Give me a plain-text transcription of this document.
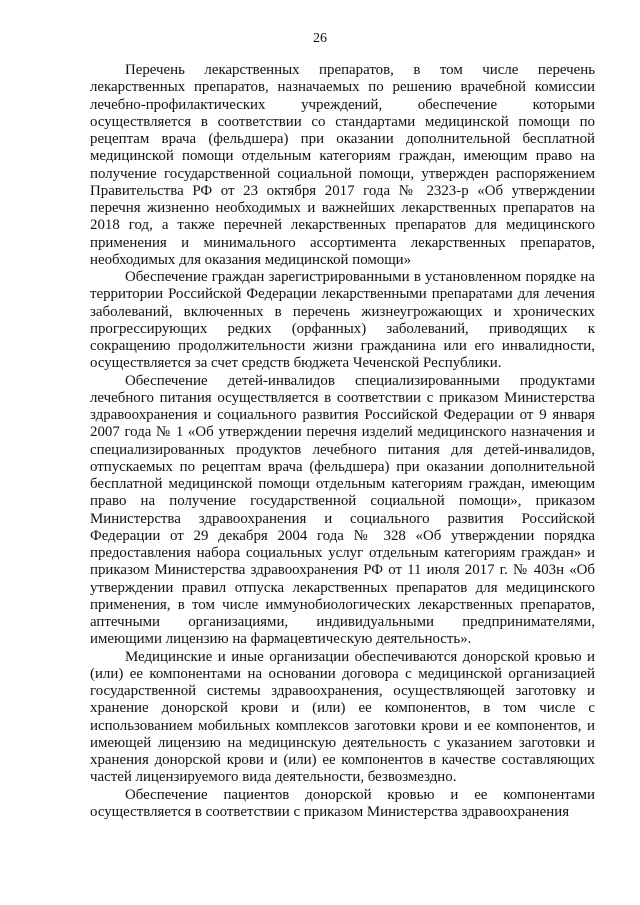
26

Перечень лекарственных препаратов, в том числе перечень лекарственных препаратов, назначаемых по решению врачебной комиссии лечебно-профилактических учреждений, обеспечение которыми осуществляется в соответствии со стандартами медицинской помощи по рецептам врача (фельдшера) при оказании дополнительной бесплатной медицинской помощи отдельным категориям граждан, имеющим право на получение государственной социальной помощи, утвержден распоряжением Правительства РФ от 23 октября 2017 года № 2323-р «Об утверждении перечня жизненно необходимых и важнейших лекарственных препаратов на 2018 год, а также перечней лекарственных препаратов для медицинского применения и минимального ассортимента лекарственных препаратов, необходимых для оказания медицинской помощи»

Обеспечение граждан зарегистрированными в установленном порядке на территории Российской Федерации лекарственными препаратами для лечения заболеваний, включенных в перечень жизнеугрожающих и хронических прогрессирующих редких (орфанных) заболеваний, приводящих к сокращению продолжительности жизни гражданина или его инвалидности, осуществляется за счет средств бюджета Чеченской Республики.

Обеспечение детей-инвалидов специализированными продуктами лечебного питания осуществляется в соответствии с приказом Министерства здравоохранения и социального развития Российской Федерации от 9 января 2007 года № 1 «Об утверждении перечня изделий медицинского назначения и специализированных продуктов лечебного питания для детей-инвалидов, отпускаемых по рецептам врача (фельдшера) при оказании дополнительной бесплатной медицинской помощи отдельным категориям граждан, имеющим право на получение государственной социальной помощи», приказом Министерства здравоохранения и социального развития Российской Федерации от 29 декабря 2004 года № 328 «Об утверждении порядка предоставления набора социальных услуг отдельным категориям граждан» и приказом Министерства здравоохранения РФ от 11 июля 2017 г. № 403н «Об утверждении правил отпуска лекарственных препаратов для медицинского применения, в том числе иммунобиологических лекарственных препаратов, аптечными организациями, индивидуальными предпринимателями, имеющими лицензию на фармацевтическую деятельность».

Медицинские и иные организации обеспечиваются донорской кровью и (или) ее компонентами на основании договора с медицинской организацией государственной системы здравоохранения, осуществляющей заготовку и хранение донорской крови и (или) ее компонентов, в том числе с использованием мобильных комплексов заготовки крови и ее компонентов, и имеющей лицензию на медицинскую деятельность с указанием заготовки и хранения донорской крови и (или) ее компонентов в качестве составляющих частей лицензируемого вида деятельности, безвозмездно.

Обеспечение пациентов донорской кровью и ее компонентами осуществляется в соответствии с приказом Министерства здравоохранения
